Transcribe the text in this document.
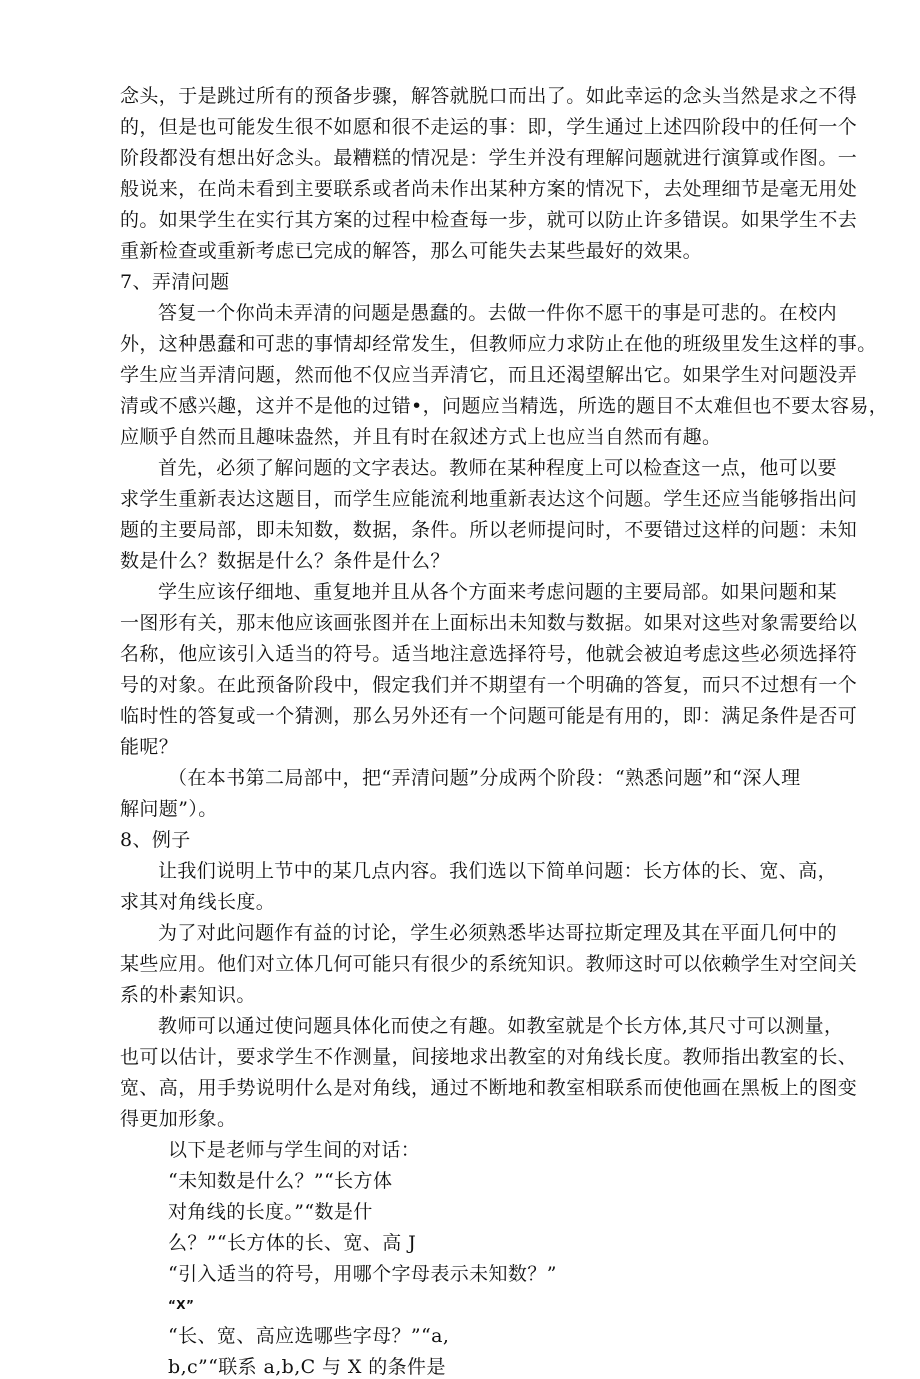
念头，于是跳过所有的预备步骤，解答就脱口而出了。如此幸运的念头当然是求之不得
的，但是也可能发生很不如愿和很不走运的事：即，学生通过上述四阶段中的任何一个
阶段都没有想出好念头。最糟糕的情况是：学生并没有理解问题就进行演算或作图。一
般说来，在尚未看到主要联系或者尚未作出某种方案的情况下，去处理细节是毫无用处
的。如果学生在实行其方案的过程中检查每一步，就可以防止许多错误。如果学生不去
重新检查或重新考虑已完成的解答，那么可能失去某些最好的效果。
7、弄清问题
答复一个你尚未弄清的问题是愚蠢的。去做一件你不愿干的事是可悲的。在校内
外，这种愚蠢和可悲的事情却经常发生，但教师应力求防止在他的班级里发生这样的事。
学生应当弄清问题，然而他不仅应当弄清它，而且还渴望解出它。如果学生对问题没弄
清或不感兴趣，这并不是他的过错•，问题应当精选，所选的题目不太难但也不要太容易，
应顺乎自然而且趣味盎然，并且有时在叙述方式上也应当自然而有趣。
首先，必须了解问题的文字表达。教师在某种程度上可以检查这一点，他可以要
求学生重新表达这题目，而学生应能流利地重新表达这个问题。学生还应当能够指出问
题的主要局部，即未知数，数据，条件。所以老师提问时，不要错过这样的问题：未知
数是什么？数据是什么？条件是什么？
学生应该仔细地、重复地并且从各个方面来考虑问题的主要局部。如果问题和某
一图形有关，那末他应该画张图并在上面标出未知数与数据。如果对这些对象需要给以
名称，他应该引入适当的符号。适当地注意选择符号，他就会被迫考虑这些必须选择符
号的对象。在此预备阶段中，假定我们并不期望有一个明确的答复，而只不过想有一个
临时性的答复或一个猜测，那么另外还有一个问题可能是有用的，即：满足条件是否可
能呢？
（在本书第二局部中，把“弄清问题”分成两个阶段：“熟悉问题”和“深人理
解问题”）。
8、例子
让我们说明上节中的某几点内容。我们选以下简单问题：长方体的长、宽、高，
求其对角线长度。
为了对此问题作有益的讨论，学生必须熟悉毕达哥拉斯定理及其在平面几何中的
某些应用。他们对立体几何可能只有很少的系统知识。教师这时可以依赖学生对空间关
系的朴素知识。
教师可以通过使问题具体化而使之有趣。如教室就是个长方体,其尺寸可以测量，
也可以估计，要求学生不作测量，间接地求出教室的对角线长度。教师指出教室的长、
宽、高，用手势说明什么是对角线，通过不断地和教室相联系而使他画在黑板上的图变
得更加形象。
以下是老师与学生间的对话：
“未知数是什么？”“长方体
对角线的长度。”“数是什
么？”“长方体的长、宽、高 J
“引入适当的符号，用哪个字母表示未知数？”
“X”
“长、宽、高应选哪些字母？”“a,
b,c”“联系 a,b,C 与 X 的条件是
